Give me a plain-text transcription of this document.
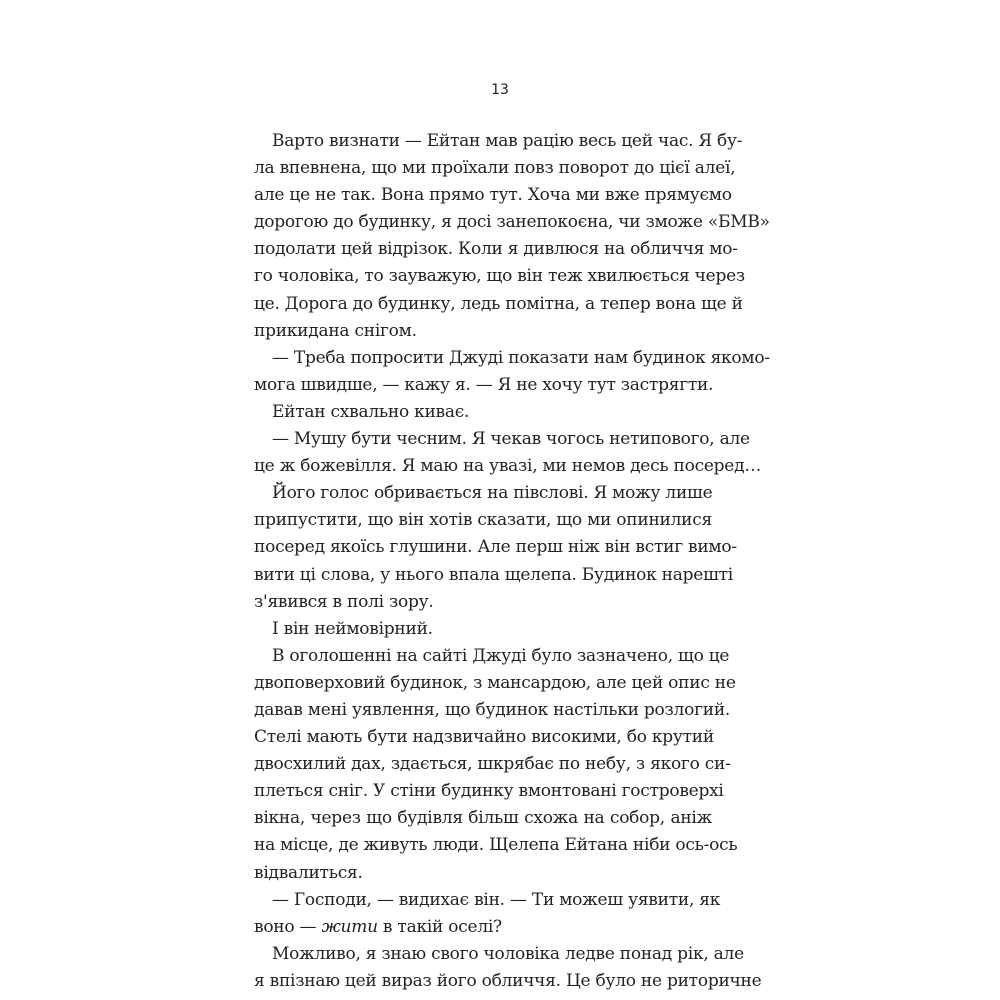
13
Варто визнати — Ейтан мав рацію весь цей час. Я бу-
ла впевнена, що ми проїхали повз поворот до цієї алеї,
але це не так. Вона прямо тут. Хоча ми вже прямуємо
дорогою до будинку, я досі занепокоєна, чи зможе «БМВ»
подолати цей відрізок. Коли я дивлюся на обличчя мо-
го чоловіка, то зауважую, що він теж хвилюється через
це. Дорога до будинку, ледь помітна, а тепер вона ще й
прикидана снігом.
— Треба попросити Джуді показати нам будинок якомо-
мога швидше, — кажу я. — Я не хочу тут застрягти.
Ейтан схвально киває.
— Мушу бути чесним. Я чекав чогось нетипового, але
це ж божевілля. Я маю на увазі, ми немов десь посеред…
Його голос обривається на півслові. Я можу лише
припустити, що він хотів сказати, що ми опинилися
посеред якоїсь глушини. Але перш ніж він встиг вимо-
вити ці слова, у нього впала щелепа. Будинок нарешті
з'явився в полі зору.
І він неймовірний.
В оголошенні на сайті Джуді було зазначено, що це
двоповерховий будинок, з мансардою, але цей опис не
давав мені уявлення, що будинок настільки розлогий.
Стелі мають бути надзвичайно високими, бо крутий
двосхилий дах, здається, шкрябає по небу, з якого си-
плеться сніг. У стіни будинку вмонтовані гостроверхі
вікна, через що будівля більш схожа на собор, аніж
на місце, де живуть люди. Щелепа Ейтана ніби ось-ось
відвалиться.
— Господи, — видихає він. — Ти можеш уявити, як
воно — жити в такій оселі?
Можливо, я знаю свого чоловіка ледве понад рік, але
я впізнаю цей вираз його обличчя. Це було не риторичне
